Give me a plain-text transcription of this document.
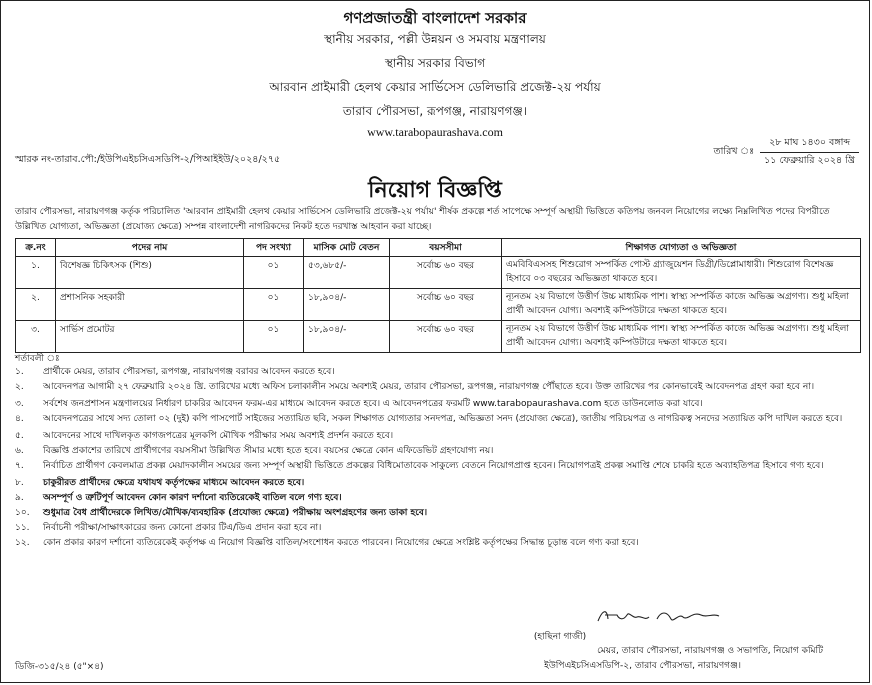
গণপ্রজাতন্ত্রী বাংলাদেশ সরকার
স্থানীয় সরকার, পল্লী উন্নয়ন ও সমবায় মন্ত্রণালয়
স্থানীয় সরকার বিভাগ
আরবান প্রাইমারী হেলথ কেয়ার সার্ভিসেস ডেলিভারি প্রজেক্ট-২য় পর্যায়
তারাব পৌরসভা, রূপগঞ্জ, নারায়ণগঞ্জ।
www.tarabopaurashava.com
স্মারক নং-তারাব.পৌ:/ইউপিএইচসিএসডিপি-২/পিআইইউ/২০২৪/২৭৫
তারিখ ঃ
২৮ মাঘ ১৪৩০ বঙ্গাব্দ
১১ ফেব্রুয়ারি ২০২৪ খ্রি
নিয়োগ বিজ্ঞপ্তি
তারাব পৌরসভা, নারায়ণগঞ্জ কর্তৃক পরিচালিত 'আরবান প্রাইমারী হেলথ কেয়ার সার্ভিসেস ডেলিভারি প্রজেক্ট-২য় পর্যায়' শীর্ষক প্রকল্পে শর্ত সাপেক্ষে সম্পূর্ণ অস্থায়ী ভিত্তিতে কতিপয় জনবল নিয়োগের লক্ষ্যে নিম্নলিখিত পদের বিপরীতে উল্লিখিত যোগ্যতা, অভিজ্ঞতা (প্রযোজ্য ক্ষেত্রে) সম্পন্ন বাংলাদেশী নাগরিকদের নিকট হতে দরখাস্ত আহবান করা যাচ্ছে।
ক্র.নং	পদের নাম	পদ সংখ্যা	মাসিক মোট বেতন	বয়সসীমা	শিক্ষাগত যোগ্যতা ও অভিজ্ঞতা
১.	বিশেষজ্ঞ চিকিৎসক (শিশু)	০১	৫৩,৬৮৫/-	সর্বোচ্চ ৬০ বছর	এমবিবিএসসহ শিশুরোগ সম্পর্কিত পোস্ট গ্র্যাজুয়েশন ডিগ্রী/ডিপ্লোমাধারী। শিশুরোগ বিশেষজ্ঞ হিসাবে ০৩ বছরের অভিজ্ঞতা থাকতে হবে।
২.	প্রশাসনিক সহকারী	০১	১৮,৯০৪/-	সর্বোচ্চ ৬০ বছর	ন্যূনতম ২য় বিভাগে উত্তীর্ণ উচ্চ মাধ্যমিক পাশ। স্বাস্থ্য সম্পর্কিত কাজে অভিজ্ঞ অগ্রগণ্য। শুধু মহিলা প্রার্থী আবেদন যোগ্য। অবশ্যই কম্পিউটারে দক্ষতা থাকতে হবে।
৩.	সার্ভিস প্রমোটর	০১	১৮,৯০৪/-	সর্বোচ্চ ৬০ বছর	ন্যূনতম ২য় বিভাগে উত্তীর্ণ উচ্চ মাধ্যমিক পাশ। স্বাস্থ্য সম্পর্কিত কাজে অভিজ্ঞ অগ্রগণ্য। শুধু মহিলা প্রার্থী আবেদন যোগ্য। অবশ্যই কম্পিউটারে দক্ষতা থাকতে হবে।
শর্তাবলী ঃ
১.	প্রার্থীকে মেয়র, তারাব পৌরসভা, রূপগঞ্জ, নারায়ণগঞ্জ বরাবর আবেদন করতে হবে।
২.	আবেদনপত্র আগামী ২৭ ফেব্রুয়ারি ২০২৪ খ্রি. তারিখের মধ্যে অফিস চলাকালীন সময়ে অবশ্যই মেয়র, তারাব পৌরসভা, রূপগঞ্জ, নারায়ণগঞ্জ পৌঁছাতে হবে। উক্ত তারিখের পর কোনভাবেই আবেদনপত্র গ্রহণ করা হবে না।
৩.	সর্বশেষ জনপ্রশাসন মন্ত্রণালয়ের নির্ধারণ চাকরির আবেদন ফরম-এর মাধ্যমে আবেদন করতে হবে। এ আবেদনপত্রের ফরমটি www.tarabopaurashava.com হতে ডাউনলোড করা যাবে।
৪.	আবেদনপত্রের সাথে সদ্য তোলা ০২ (দুই) কপি পাসপোর্ট সাইজের সত্যায়িত ছবি, সকল শিক্ষাগত যোগ্যতার সনদপত্র, অভিজ্ঞতা সনদ (প্রযোজ্য ক্ষেত্রে), জাতীয় পরিচয়পত্র ও নাগরিকত্ব সনদের সত্যায়িত কপি দাখিল করতে হবে।
৫.	আবেদনের সাথে দাখিলকৃত কাগজপত্রের মূলকপি মৌখিক পরীক্ষার সময় অবশ্যই প্রদর্শন করতে হবে।
৬.	বিজ্ঞপ্তি প্রকাশের তারিখে প্রার্থীগণের বয়সসীমা উল্লিখিত সীমার মধ্যে হতে হবে। বয়সের ক্ষেত্রে কোন এফিডেভিট গ্রহণযোগ্য নয়।
৭.	নির্বাচিত প্রার্থীগণ কেবলমাত্র প্রকল্প মেয়াদকালীন সময়ের জন্য সম্পূর্ণ অস্থায়ী ভিত্তিতে প্রকল্পের বিধিমোতাবেক সাকুল্যে বেতনে নিয়োগপ্রাপ্ত হবেন। নিয়োগপত্রই প্রকল্প সমাপ্তি শেষে চাকরি হতে অব্যাহতিপত্র হিসাবে গণ্য হবে।
৮.	চাকুরীরত প্রার্থীদের ক্ষেত্রে যথাযথ কর্তৃপক্ষের মাধ্যমে আবেদন করতে হবে।
৯.	অসম্পূর্ণ ও ত্রুটিপূর্ণ আবেদন কোন কারণ দর্শানো ব্যতিরেকেই বাতিল বলে গণ্য হবে।
১০.	শুধুমাত্র বৈধ প্রার্থীদেরকে লিখিত/মৌখিক/ব্যবহারিক (প্রযোজ্য ক্ষেত্রে) পরীক্ষায় অংশগ্রহণের জন্য ডাকা হবে।
১১.	নির্বাচনী পরীক্ষা/সাক্ষাৎকারের জন্য কোনো প্রকার টিএ/ডিএ প্রদান করা হবে না।
১২.	কোন প্রকার কারণ দর্শানো ব্যতিরেকেই কর্তৃপক্ষ এ নিয়োগ বিজ্ঞপ্তি বাতিল/সংশোধন করতে পারবেন। নিয়োগের ক্ষেত্রে সংশ্লিষ্ট কর্তৃপক্ষের সিদ্ধান্ত চূড়ান্ত বলে গণ্য করা হবে।
(হাছিনা গাজী)
মেয়র, তারাব পৌরসভা, নারায়ণগঞ্জ ও সভাপতি, নিয়োগ কমিটি
ইউপিএইচসিএসডিপি-২, তারাব পৌরসভা, নারায়ণগঞ্জ।
ডিজি-৩১৫/২৪ (৫"×৪)
